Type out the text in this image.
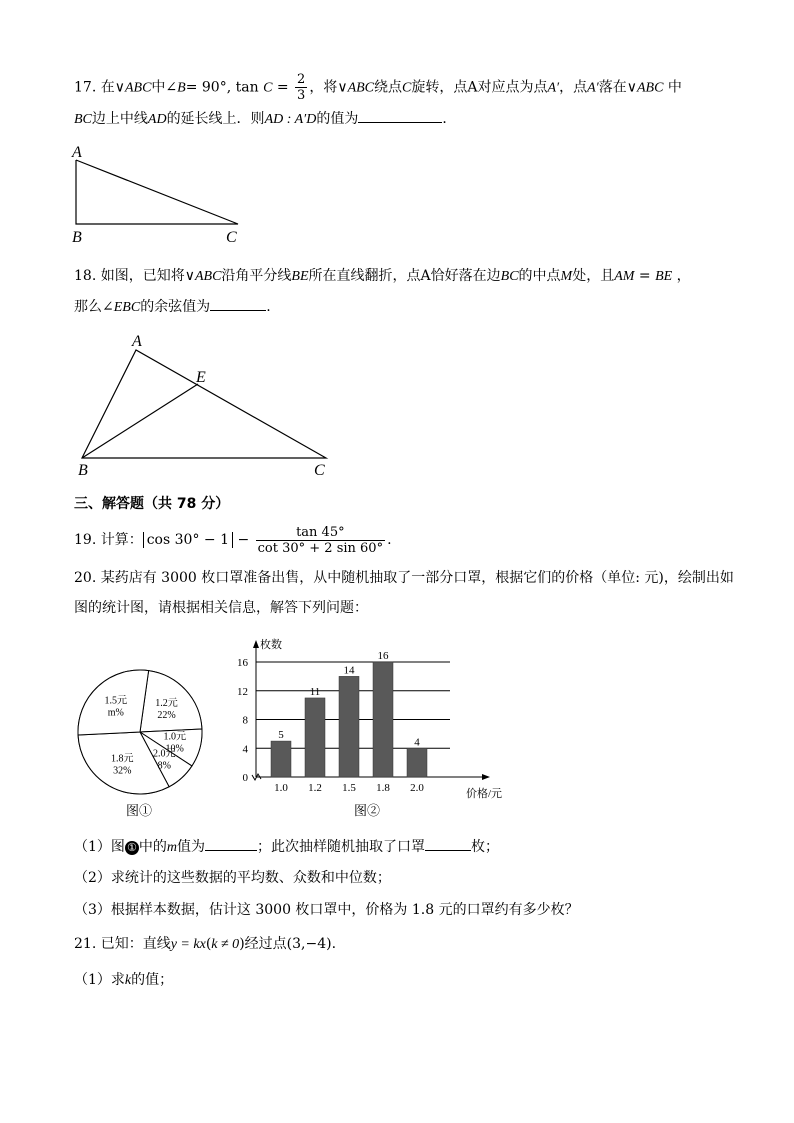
17. 在∨ABC中∠B= 90°, $\tan C = \frac{2}{3}$ ，将∨ABC绕点C旋转，点A对应点为点A′，点A′落在∨ABC 中
BC边上中线AD的延长线上．则AD : A′D的值为	．
A
B	C
18. 如图，已知将∨ABC沿角平分线BE所在直线翻折，点A恰好落在边BC的中点M处，且AM = BE ，
那么∠EBC的余弦值为	.
A
E
B	C
三、解答题（共 78 分）
19. 计算： $\cos 30^\circ - 1 - \frac{\tan 45^\circ}{\cot 30^\circ + 2 \sin 60^\circ}$ .
20. 某药店有 3000 枚口罩准备出售，从中随机抽取了一部分口罩，根据它们的价格（单位: 元)，绘制出如
图的统计图，请根据相关信息，解答下列问题：
1.2元
22%
1.0元
10%
2.0元
8%
1.8元
32%
1.5元
m%
图①
0
4
8
12
16
枚数
5
1.0
11
1.2
14
1.5
16
1.8
4
2.0	价格/元
图②
（1）图 ① 中的m值为	；此次抽样随机抽取了口罩	枚；
（2）求统计的这些数据的平均数、众数和中位数；
（3）根据样本数据，估计这 3000 枚口罩中，价格为 1.8 元的口罩约有多少枚？
21. 已知：直线y = kx(k ≠ 0)经过点(3,−4).
（1）求k的值；
